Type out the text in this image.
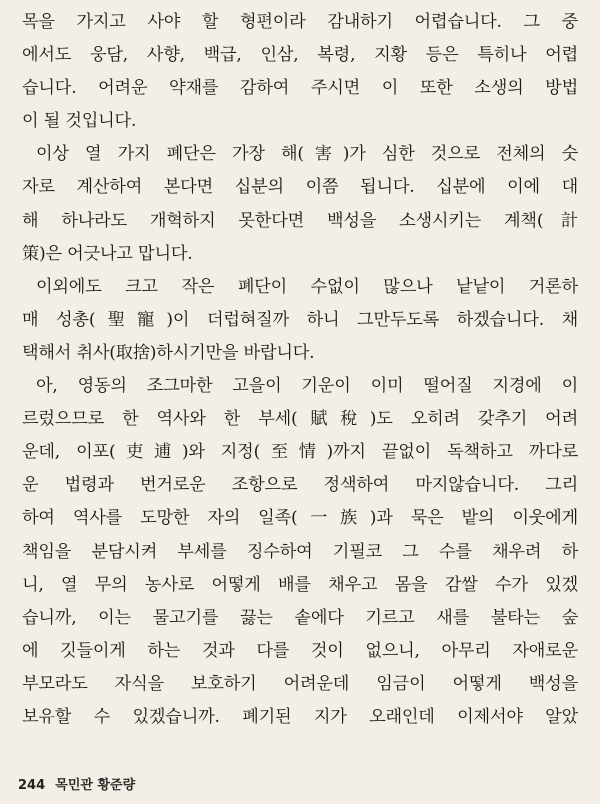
목을 가지고 사야 할 형편이라 감내하기 어렵습니다. 그 중
에서도 웅담, 사향, 백급, 인삼, 복령, 지황 등은 특히나 어렵
습니다. 어려운 약재를 감하여 주시면 이 또한 소생의 방법
이 될 것입니다.
이상 열 가지 폐단은 가장 해(害)가 심한 것으로 전체의 숫
자로 계산하여 본다면 십분의 이쯤 됩니다. 십분에 이에 대
해 하나라도 개혁하지 못한다면 백성을 소생시키는 계책(計
策)은 어긋나고 맙니다.
이외에도 크고 작은 폐단이 수없이 많으나 낱낱이 거론하
매 성총(聖寵)이 더럽혀질까 하니 그만두도록 하겠습니다. 채
택해서 취사(取捨)하시기만을 바랍니다.
아, 영동의 조그마한 고을이 기운이 이미 떨어질 지경에 이
르렀으므로 한 역사와 한 부세(賦稅)도 오히려 갖추기 어려
운데, 이포(吏逋)와 지정(至情)까지 끝없이 독책하고 까다로
운 법령과 번거로운 조항으로 정색하여 마지않습니다. 그리
하여 역사를 도망한 자의 일족(一族)과 묵은 밭의 이웃에게
책임을 분담시켜 부세를 징수하여 기필코 그 수를 채우려 하
니, 열 무의 농사로 어떻게 배를 채우고 몸을 감쌀 수가 있겠
습니까, 이는 물고기를 끓는 솥에다 기르고 새를 불타는 숲
에 깃들이게 하는 것과 다를 것이 없으니, 아무리 자애로운
부모라도 자식을 보호하기 어려운데 임금이 어떻게 백성을
보유할 수 있겠습니까. 폐기된 지가 오래인데 이제서야 알았
244 목민관 황준량
